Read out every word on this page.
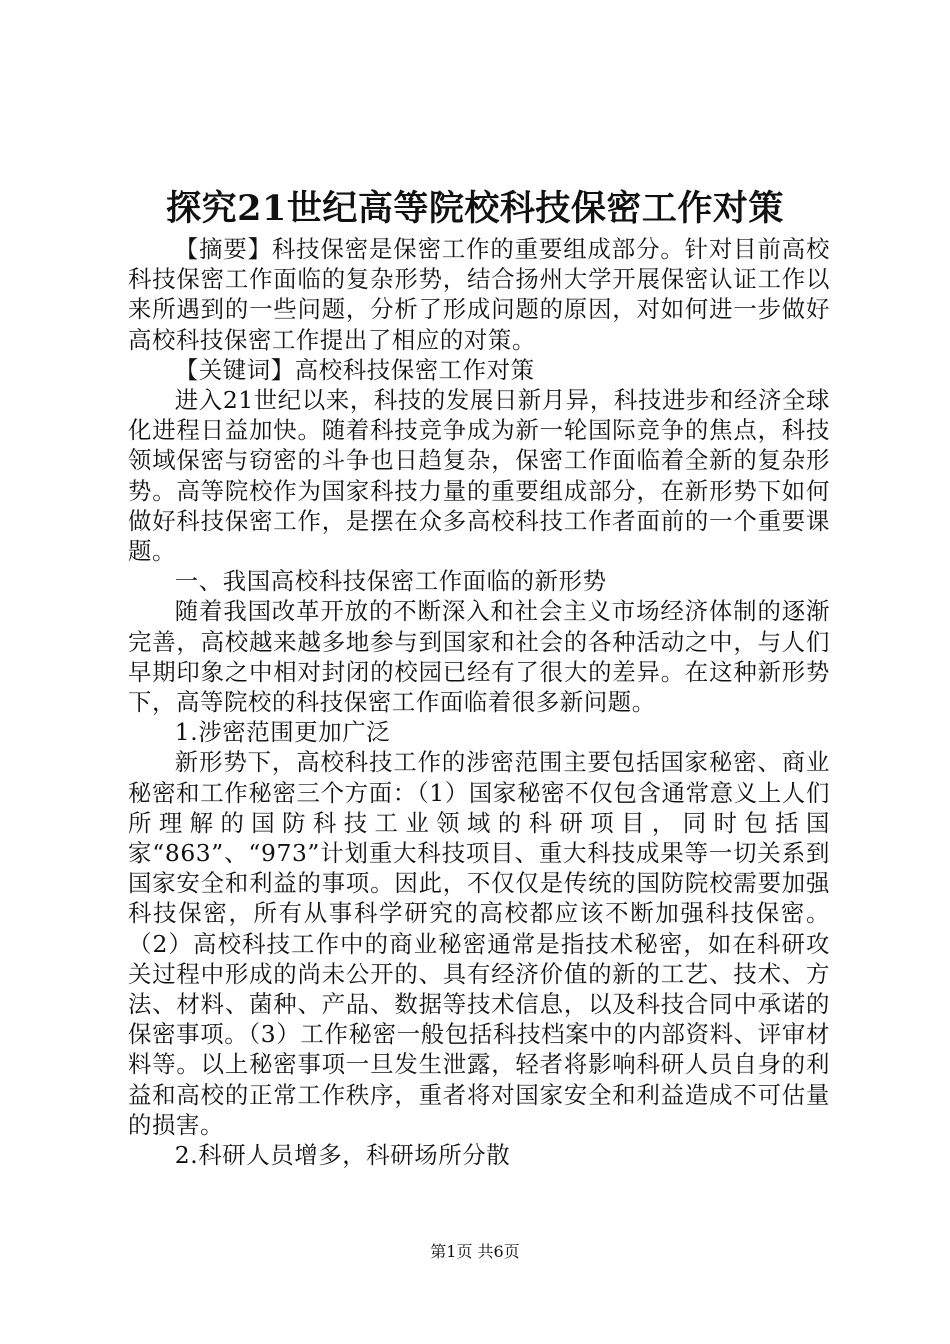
探究21世纪高等院校科技保密工作对策

【摘要】科技保密是保密工作的重要组成部分。针对目前高校科技保密工作面临的复杂形势，结合扬州大学开展保密认证工作以来所遇到的一些问题，分析了形成问题的原因，对如何进一步做好高校科技保密工作提出了相应的对策。

【关键词】高校科技保密工作对策

进入21世纪以来，科技的发展日新月异，科技进步和经济全球化进程日益加快。随着科技竞争成为新一轮国际竞争的焦点，科技领域保密与窃密的斗争也日趋复杂，保密工作面临着全新的复杂形势。高等院校作为国家科技力量的重要组成部分，在新形势下如何做好科技保密工作，是摆在众多高校科技工作者面前的一个重要课题。

一、我国高校科技保密工作面临的新形势

随着我国改革开放的不断深入和社会主义市场经济体制的逐渐完善，高校越来越多地参与到国家和社会的各种活动之中，与人们早期印象之中相对封闭的校园已经有了很大的差异。在这种新形势下，高等院校的科技保密工作面临着很多新问题。

1.涉密范围更加广泛

新形势下，高校科技工作的涉密范围主要包括国家秘密、商业秘密和工作秘密三个方面：（1）国家秘密不仅包含通常意义上人们所理解的国防科技工业领域的科研项目，同时包括国家“863”、“973”计划重大科技项目、重大科技成果等一切关系到国家安全和利益的事项。因此，不仅仅是传统的国防院校需要加强科技保密，所有从事科学研究的高校都应该不断加强科技保密。（2）高校科技工作中的商业秘密通常是指技术秘密，如在科研攻关过程中形成的尚未公开的、具有经济价值的新的工艺、技术、方法、材料、菌种、产品、数据等技术信息，以及科技合同中承诺的保密事项。（3）工作秘密一般包括科技档案中的内部资料、评审材料等。以上秘密事项一旦发生泄露，轻者将影响科研人员自身的利益和高校的正常工作秩序，重者将对国家安全和利益造成不可估量的损害。

2.科研人员增多，科研场所分散

第1页 共6页
